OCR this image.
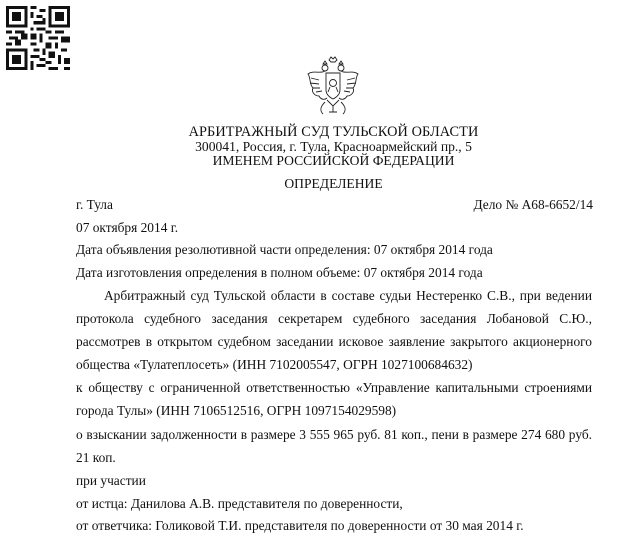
АРБИТРАЖНЫЙ СУД ТУЛЬСКОЙ ОБЛАСТИ
300041, Россия, г. Тула, Красноармейский пр., 5
ИМЕНЕМ РОССИЙСКОЙ ФЕДЕРАЦИИ
ОПРЕДЕЛЕНИЕ
г. Тула	Дело № А68-6652/14
07 октября 2014 г.
Дата объявления резолютивной части определения: 07 октября 2014 года
Дата изготовления определения в полном объеме: 07 октября 2014 года
Арбитражный суд Тульской области в составе судьи Нестеренко С.В., при ведении
протокола судебного заседания секретарем судебного заседания Лобановой С.Ю.,
рассмотрев в открытом судебном заседании исковое заявление закрытого акционерного
общества «Тулатеплосеть» (ИНН 7102005547, ОГРН 1027100684632)
к обществу с ограниченной ответственностью «Управление капитальными строениями
города Тулы» (ИНН 7106512516, ОГРН 1097154029598)
о взыскании задолженности в размере 3 555 965 руб. 81 коп., пени в размере 274 680 руб.
21 коп.
при участии
от истца: Данилова А.В. представителя по доверенности,
от ответчика: Голиковой Т.И. представителя по доверенности от 30 мая 2014 г.
